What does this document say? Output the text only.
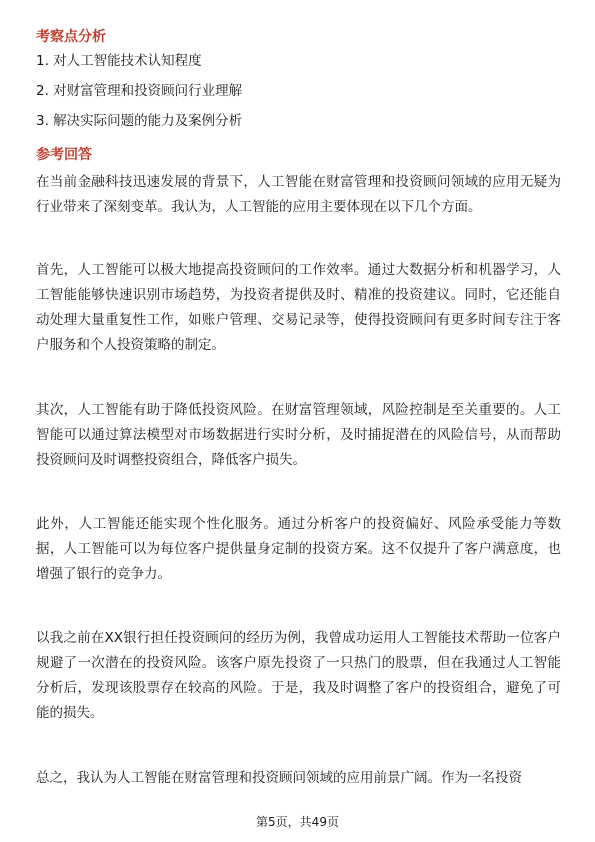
考察点分析

1. 对人工智能技术认知程度

2. 对财富管理和投资顾问行业理解

3. 解决实际问题的能力及案例分析

参考回答

在当前金融科技迅速发展的背景下，人工智能在财富管理和投资顾问领域的应用无疑为行业带来了深刻变革。我认为，人工智能的应用主要体现在以下几个方面。

首先，人工智能可以极大地提高投资顾问的工作效率。通过大数据分析和机器学习，人工智能能够快速识别市场趋势，为投资者提供及时、精准的投资建议。同时，它还能自动处理大量重复性工作，如账户管理、交易记录等，使得投资顾问有更多时间专注于客户服务和个人投资策略的制定。

其次，人工智能有助于降低投资风险。在财富管理领域，风险控制是至关重要的。人工智能可以通过算法模型对市场数据进行实时分析，及时捕捉潜在的风险信号，从而帮助投资顾问及时调整投资组合，降低客户损失。

此外，人工智能还能实现个性化服务。通过分析客户的投资偏好、风险承受能力等数据，人工智能可以为每位客户提供量身定制的投资方案。这不仅提升了客户满意度，也增强了银行的竞争力。

以我之前在XX银行担任投资顾问的经历为例，我曾成功运用人工智能技术帮助一位客户规避了一次潜在的投资风险。该客户原先投资了一只热门的股票，但在我通过人工智能分析后，发现该股票存在较高的风险。于是，我及时调整了客户的投资组合，避免了可能的损失。

总之，我认为人工智能在财富管理和投资顾问领域的应用前景广阔。作为一名投资

第5页，共49页
